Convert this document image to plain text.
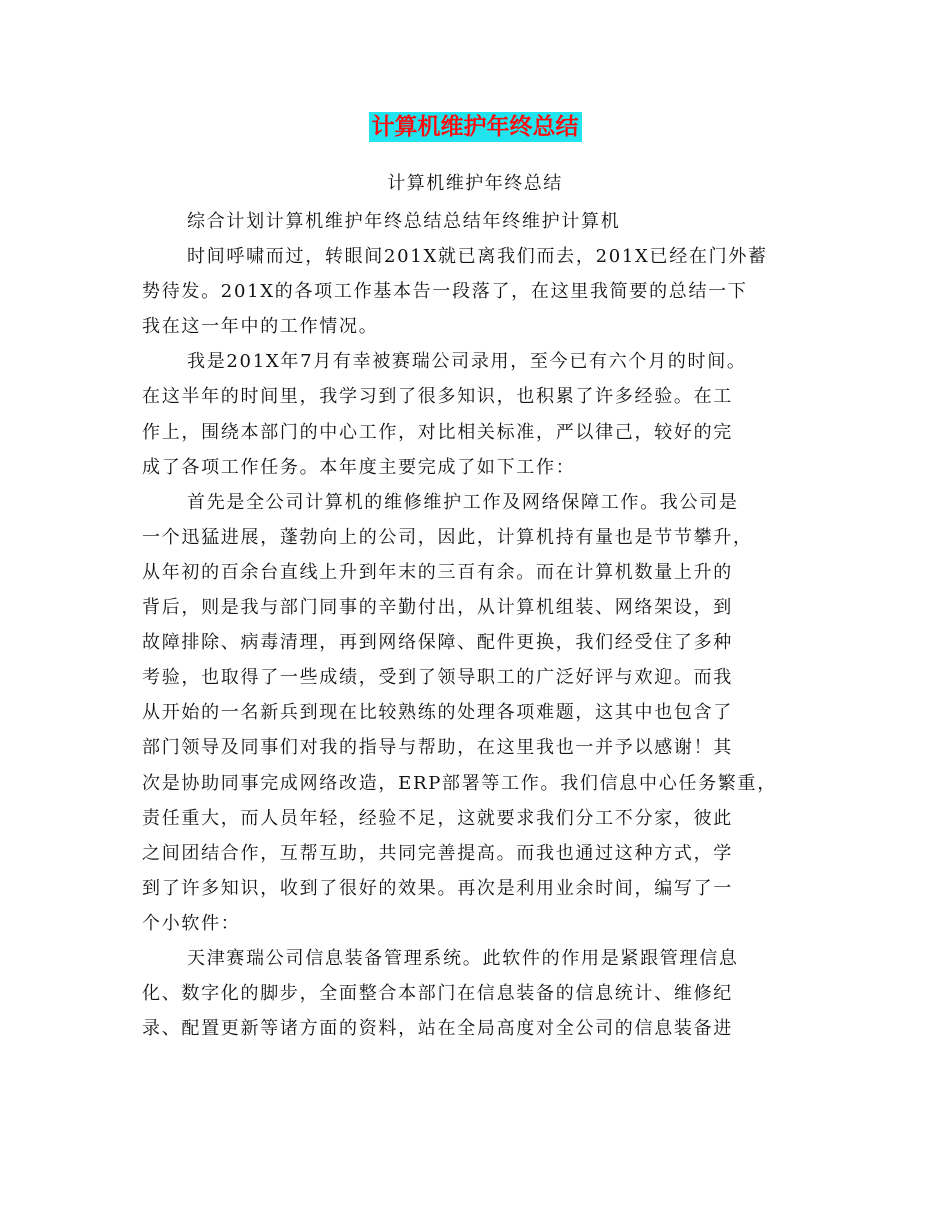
计算机维护年终总结
计算机维护年终总结
综合计划计算机维护年终总结总结年终维护计算机
时间呼啸而过，转眼间201X就已离我们而去，201X已经在门外蓄
势待发。201X的各项工作基本告一段落了，在这里我简要的总结一下
我在这一年中的工作情况。
我是201X年7月有幸被赛瑞公司录用，至今已有六个月的时间。
在这半年的时间里，我学习到了很多知识，也积累了许多经验。在工
作上，围绕本部门的中心工作，对比相关标准，严以律己，较好的完
成了各项工作任务。本年度主要完成了如下工作：
首先是全公司计算机的维修维护工作及网络保障工作。我公司是
一个迅猛进展，蓬勃向上的公司，因此，计算机持有量也是节节攀升，
从年初的百余台直线上升到年末的三百有余。而在计算机数量上升的
背后，则是我与部门同事的辛勤付出，从计算机组装、网络架设，到
故障排除、病毒清理，再到网络保障、配件更换，我们经受住了多种
考验，也取得了一些成绩，受到了领导职工的广泛好评与欢迎。而我
从开始的一名新兵到现在比较熟练的处理各项难题，这其中也包含了
部门领导及同事们对我的指导与帮助，在这里我也一并予以感谢！其
次是协助同事完成网络改造，ERP部署等工作。我们信息中心任务繁重，
责任重大，而人员年轻，经验不足，这就要求我们分工不分家，彼此
之间团结合作，互帮互助，共同完善提高。而我也通过这种方式，学
到了许多知识，收到了很好的效果。再次是利用业余时间，编写了一
个小软件：
天津赛瑞公司信息装备管理系统。此软件的作用是紧跟管理信息
化、数字化的脚步，全面整合本部门在信息装备的信息统计、维修纪
录、配置更新等诸方面的资料，站在全局高度对全公司的信息装备进
